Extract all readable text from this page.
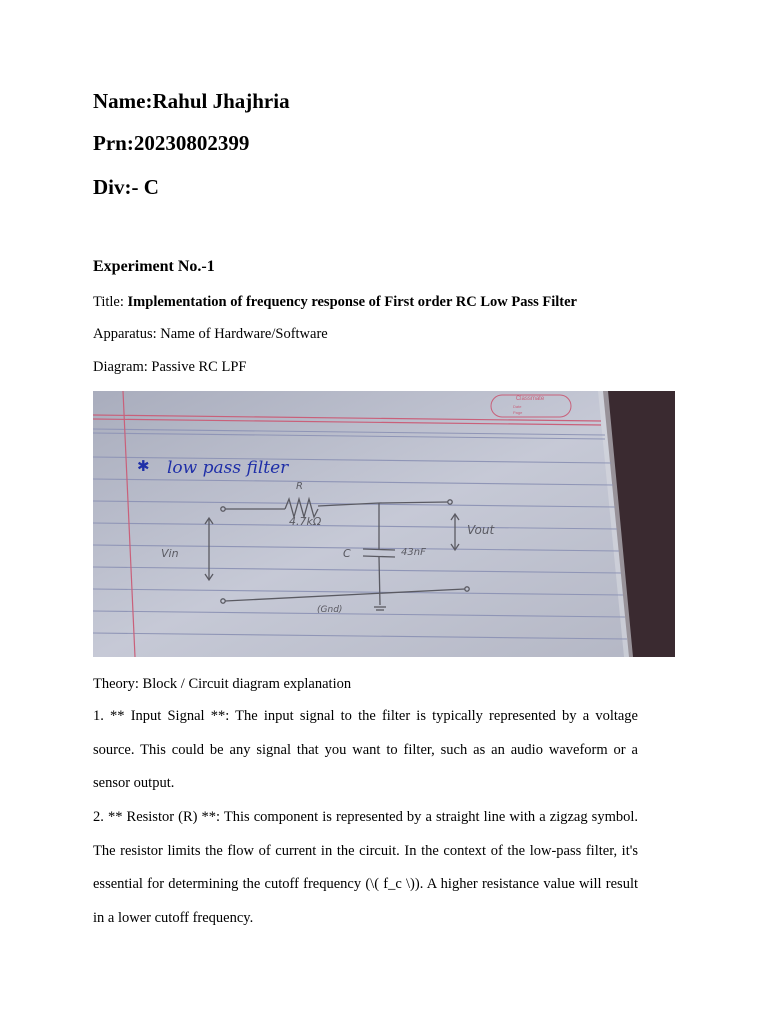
Name:Rahul Jhajhria
Prn:20230802399
Div:- C
Experiment No.-1
Title: Implementation of frequency response of First order RC Low Pass Filter
Apparatus: Name of Hardware/Software
Diagram: Passive RC LPF
Classmate
Date
Page
✱ low pass filter
R
4.7kΩ
C	43nF
Vin
Vout
(Gnd)
Theory: Block / Circuit diagram explanation
1. ** Input Signal **: The input signal to the filter is typically represented by a voltage source. This could be any signal that you want to filter, such as an audio waveform or a sensor output.
2. ** Resistor (R) **: This component is represented by a straight line with a zigzag symbol. The resistor limits the flow of current in the circuit. In the context of the low-pass filter, it's essential for determining the cutoff frequency (\( f_c \)). A higher resistance value will result in a lower cutoff frequency.
